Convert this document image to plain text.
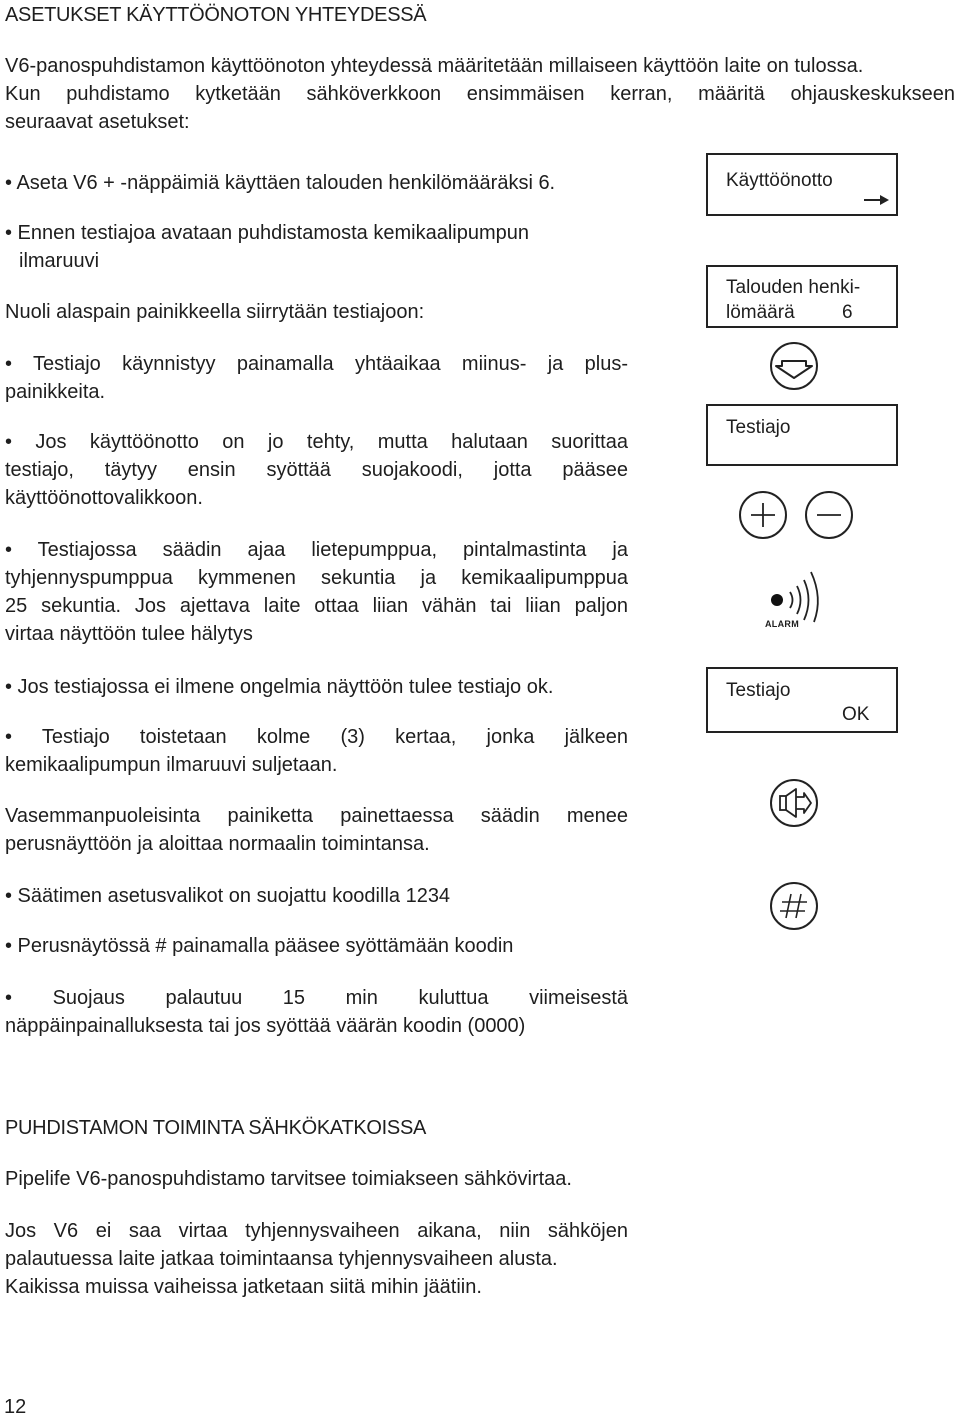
ASETUKSET KÄYTTÖÖNOTON YHTEYDESSÄ
V6-panospuhdistamon käyttöönoton yhteydessä määritetään millaiseen käyttöön laite on tulossa.
Kun puhdistamo kytketään sähköverkkoon ensimmäisen kerran, määritä ohjauskeskukseen
seuraavat asetukset:
• Aseta V6 + -näppäimiä käyttäen talouden henkilömääräksi 6.
• Ennen testiajoa avataan puhdistamosta kemikaalipumpun
ilmaruuvi
Nuoli alaspain painikkeella siirrytään testiajoon:
• Testiajo käynnistyy painamalla yhtäaikaa miinus- ja plus-
painikkeita.
• Jos käyttöönotto on jo tehty, mutta halutaan suorittaa
testiajo, täytyy ensin syöttää suojakoodi, jotta pääsee
käyttöönottovalikkoon.
• Testiajossa säädin ajaa lietepumppua, pintalmastinta ja
tyhjennyspumppua kymmenen sekuntia ja kemikaalipumppua
25 sekuntia. Jos ajettava laite ottaa liian vähän tai liian paljon
virtaa näyttöön tulee hälytys
• Jos testiajossa ei ilmene ongelmia näyttöön tulee testiajo ok.
• Testiajo toistetaan kolme (3) kertaa, jonka jälkeen
kemikaalipumpun ilmaruuvi suljetaan.
Vasemmanpuoleisinta painiketta painettaessa säädin menee
perusnäyttöön ja aloittaa normaalin toimintansa.
• Säätimen asetusvalikot on suojattu koodilla 1234
• Perusnäytössä # painamalla pääsee syöttämään koodin
• Suojaus palautuu 15 min kuluttua viimeisestä
näppäinpainalluksesta tai jos syöttää väärän koodin (0000)
PUHDISTAMON TOIMINTA SÄHKÖKATKOISSA
Pipelife V6-panospuhdistamo tarvitsee toimiakseen sähkövirtaa.
Jos V6 ei saa virtaa tyhjennysvaiheen aikana, niin sähköjen
palautuessa laite jatkaa toimintaansa tyhjennysvaiheen alusta.
Kaikissa muissa vaiheissa jatketaan siitä mihin jäätiin.
Käyttöönotto
Talouden henki-
lömäärä 6
Testiajo
ALARM
Testiajo
OK
12
